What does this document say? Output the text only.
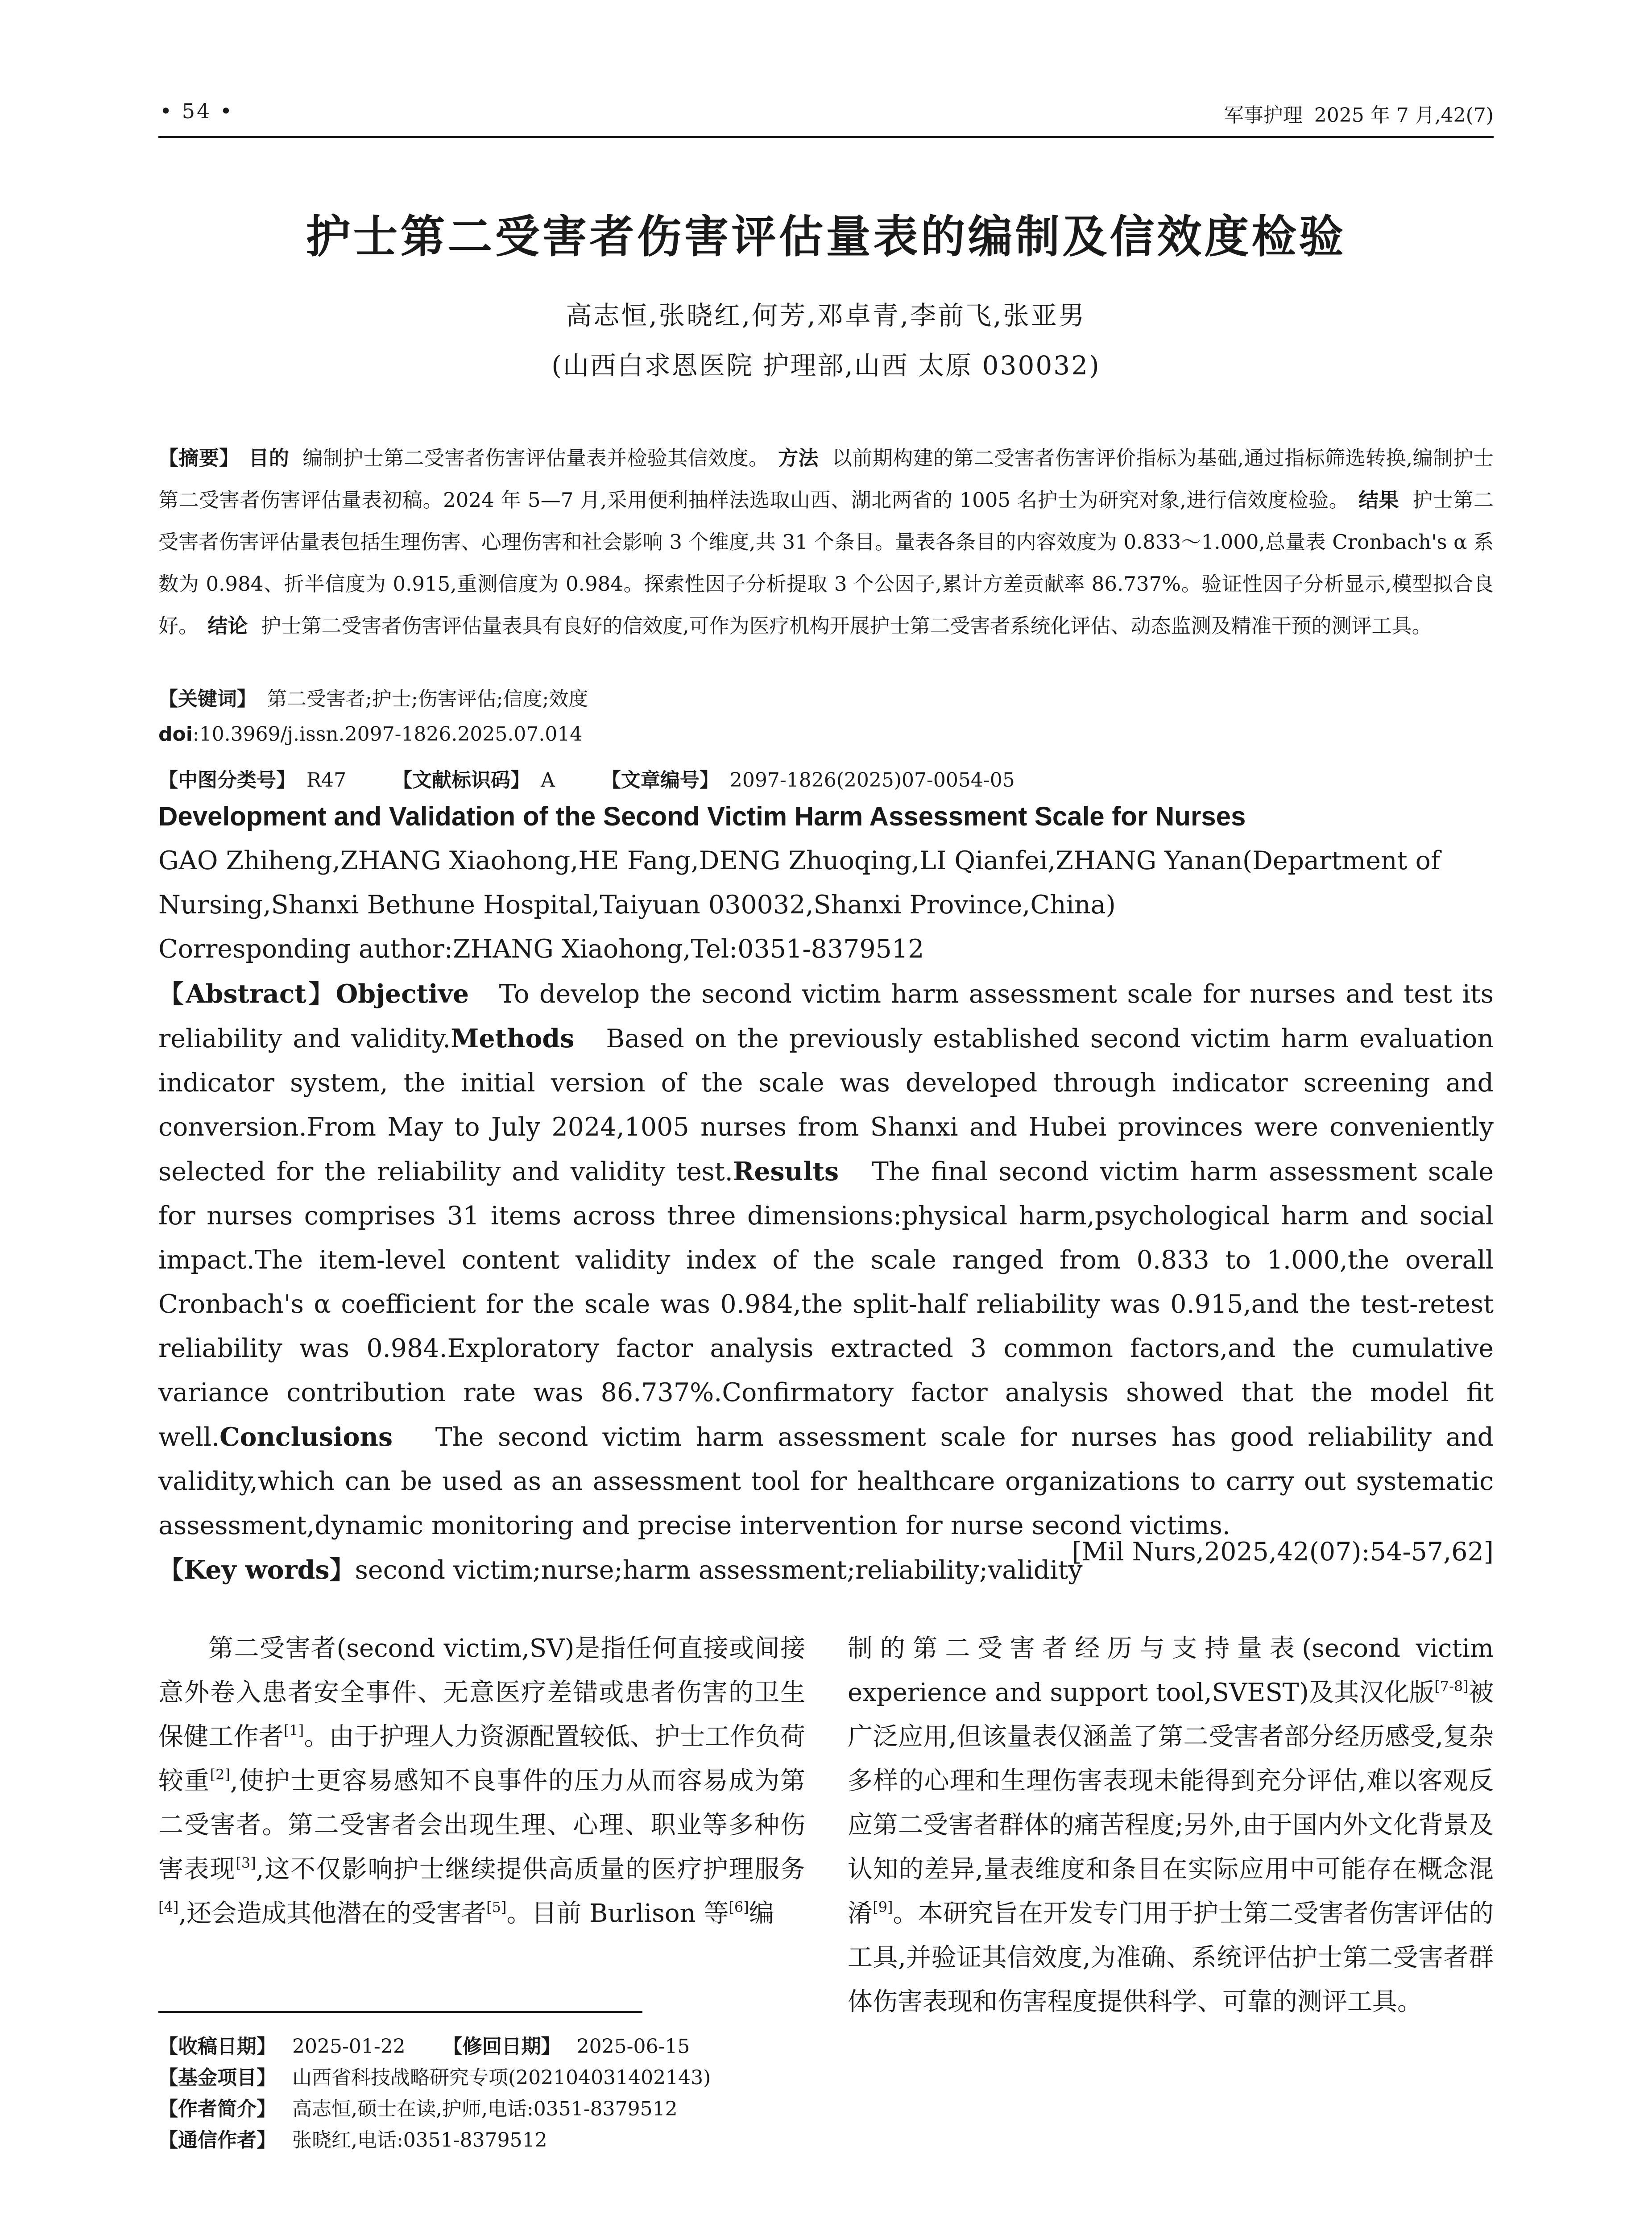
• 54 •	军事护理 2025 年 7 月,42(7)
护士第二受害者伤害评估量表的编制及信效度检验
高志恒,张晓红,何芳,邓卓青,李前飞,张亚男
(山西白求恩医院 护理部,山西 太原 030032)
【摘要】 目的 编制护士第二受害者伤害评估量表并检验其信效度。 方法 以前期构建的第二受害者伤害评价指标为基础,通过指标筛选转换,编制护士第二受害者伤害评估量表初稿。2024 年 5—7 月,采用便利抽样法选取山西、湖北两省的 1005 名护士为研究对象,进行信效度检验。 结果 护士第二受害者伤害评估量表包括生理伤害、心理伤害和社会影响 3 个维度,共 31 个条目。量表各条目的内容效度为 0.833～1.000,总量表 Cronbach's α 系数为 0.984、折半信度为 0.915,重测信度为 0.984。探索性因子分析提取 3 个公因子,累计方差贡献率 86.737%。验证性因子分析显示,模型拟合良好。 结论 护士第二受害者伤害评估量表具有良好的信效度,可作为医疗机构开展护士第二受害者系统化评估、动态监测及精准干预的测评工具。
【关键词】 第二受害者;护士;伤害评估;信度;效度
doi:10.3969/j.issn.2097-1826.2025.07.014
【中图分类号】 R47 【文献标识码】 A 【文章编号】 2097-1826(2025)07-0054-05
Development and Validation of the Second Victim Harm Assessment Scale for Nurses
GAO Zhiheng,ZHANG Xiaohong,HE Fang,DENG Zhuoqing,LI Qianfei,ZHANG Yanan(Department of
Nursing,Shanxi Bethune Hospital,Taiyuan 030032,Shanxi Province,China)
Corresponding author:ZHANG Xiaohong,Tel:0351-8379512
【Abstract】Objective To develop the second victim harm assessment scale for nurses and test its reliability and validity.Methods Based on the previously established second victim harm evaluation indicator system, the initial version of the scale was developed through indicator screening and conversion.From May to July 2024,1005 nurses from Shanxi and Hubei provinces were conveniently selected for the reliability and validity test.Results The final second victim harm assessment scale for nurses comprises 31 items across three dimensions:physical harm,psychological harm and social impact.The item-level content validity index of the scale ranged from 0.833 to 1.000,the overall Cronbach's α coefficient for the scale was 0.984,the split-half reliability was 0.915,and the test-retest reliability was 0.984.Exploratory factor analysis extracted 3 common factors,and the cumulative variance contribution rate was 86.737%.Confirmatory factor analysis showed that the model fit well.Conclusions The second victim harm assessment scale for nurses has good reliability and validity,which can be used as an assessment tool for healthcare organizations to carry out systematic assessment,dynamic monitoring and precise intervention for nurse second victims.
【Key words】second victim;nurse;harm assessment;reliability;validity
[Mil Nurs,2025,42(07):54-57,62]
第二受害者(second victim,SV)是指任何直接或间接意外卷入患者安全事件、无意医疗差错或患者伤害的卫生保健工作者[1]。由于护理人力资源配置较低、护士工作负荷较重[2],使护士更容易感知不良事件的压力从而容易成为第二受害者。第二受害者会出现生理、心理、职业等多种伤害表现[3],这不仅影响护士继续提供高质量的医疗护理服务[4],还会造成其他潜在的受害者[5]。目前 Burlison 等[6]编
制的第二受害者经历与支持量表(second victim experience and support tool,SVEST)及其汉化版[7-8]被广泛应用,但该量表仅涵盖了第二受害者部分经历感受,复杂多样的心理和生理伤害表现未能得到充分评估,难以客观反应第二受害者群体的痛苦程度;另外,由于国内外文化背景及认知的差异,量表维度和条目在实际应用中可能存在概念混淆[9]。本研究旨在开发专门用于护士第二受害者伤害评估的工具,并验证其信效度,为准确、系统评估护士第二受害者群体伤害表现和伤害程度提供科学、可靠的测评工具。
【收稿日期】 2025-01-22 【修回日期】 2025-06-15
【基金项目】 山西省科技战略研究专项(202104031402143)
【作者简介】 高志恒,硕士在读,护师,电话:0351-8379512
【通信作者】 张晓红,电话:0351-8379512
